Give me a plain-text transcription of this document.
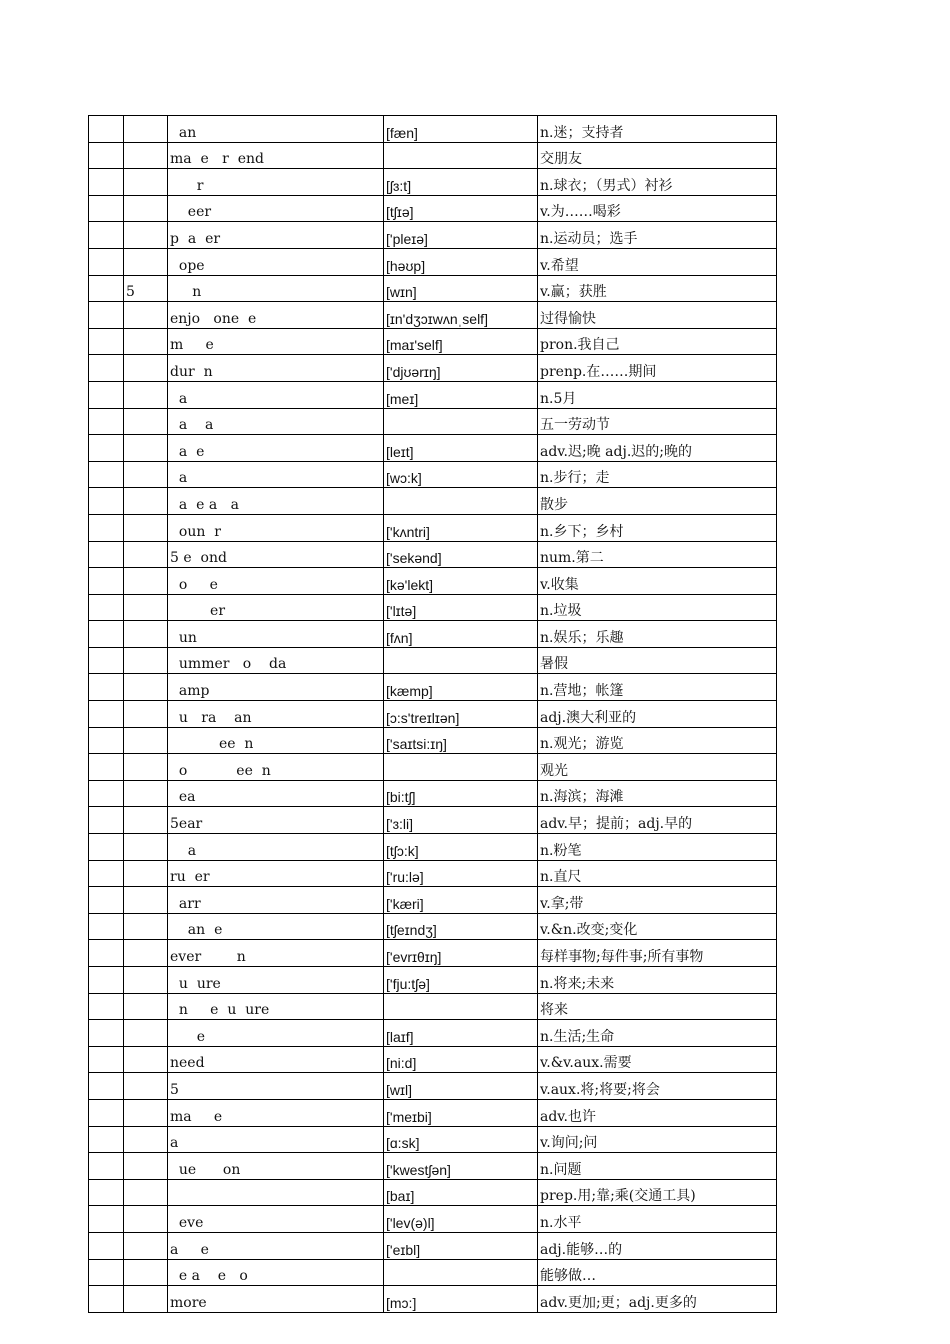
		an	[fæn]	n.迷；支持者
		ma  e   r  end		交朋友
		r	[ʃɜ:t]	n.球衣；（男式）衬衫
		eer	[tʃɪə]	v.为……喝彩
		p  a  er	['pleɪə]	n.运动员；选手
		ope	[həʊp]	v.希望
	5	n	[wɪn]	v.赢；获胜
		enjo   one  e	[ɪn'dʒɔɪwʌnˌself]	过得愉快
		m     e	[maɪ'self]	pron.我自己
		dur  n	['djʊərɪŋ]	prenp.在……期间
		a	[meɪ]	n.5月
		a    a		五一劳动节
		a  e	[leɪt]	adv.迟;晚 adj.迟的;晚的
		a	[wɔ:k]	n.步行；走
		a  e a   a		散步
		oun  r	['kʌntri]	n.乡下；乡村
		5 e  ond	['sekənd]	num.第二
		o     e	[kə'lekt]	v.收集
		er	['lɪtə]	n.垃圾
		un	[fʌn]	n.娱乐；乐趣
		ummer   o    da		暑假
		amp	[kæmp]	n.营地；帐篷
		u   ra    an	[ɔ:s'treɪlɪən]	adj.澳大利亚的
		ee  n	['saɪtsi:ɪŋ]	n.观光；游览
		o           ee  n		观光
		ea	[bi:tʃ]	n.海滨；海滩
		5ear	['ɜ:li]	adv.早；提前；adj.早的
		a	[tʃɔ:k]	n.粉笔
		ru  er	['ru:lə]	n.直尺
		arr	['kæri]	v.拿;带
		an  e	[tʃeɪndʒ]	v.&n.改变;变化
		ever        n	['evrɪθɪŋ]	每样事物;每件事;所有事物
		u  ure	['fju:tʃə]	n.将来;未来
		n     e  u  ure		将来
		e	[laɪf]	n.生活;生命
		need	[ni:d]	v.&v.aux.需要
		5	[wɪl]	v.aux.将;将要;将会
		ma     e	['meɪbi]	adv.也许
		a	[ɑ:sk]	v.询问;问
		ue      on	['kwestʃən]	n.问题
			[baɪ]	prep.用;靠;乘(交通工具)
		eve	['lev(ə)l]	n.水平
		a     e	['eɪbl]	adj.能够…的
		e a    e   o		能够做…
		more	[mɔ:]	adv.更加;更；adj.更多的
